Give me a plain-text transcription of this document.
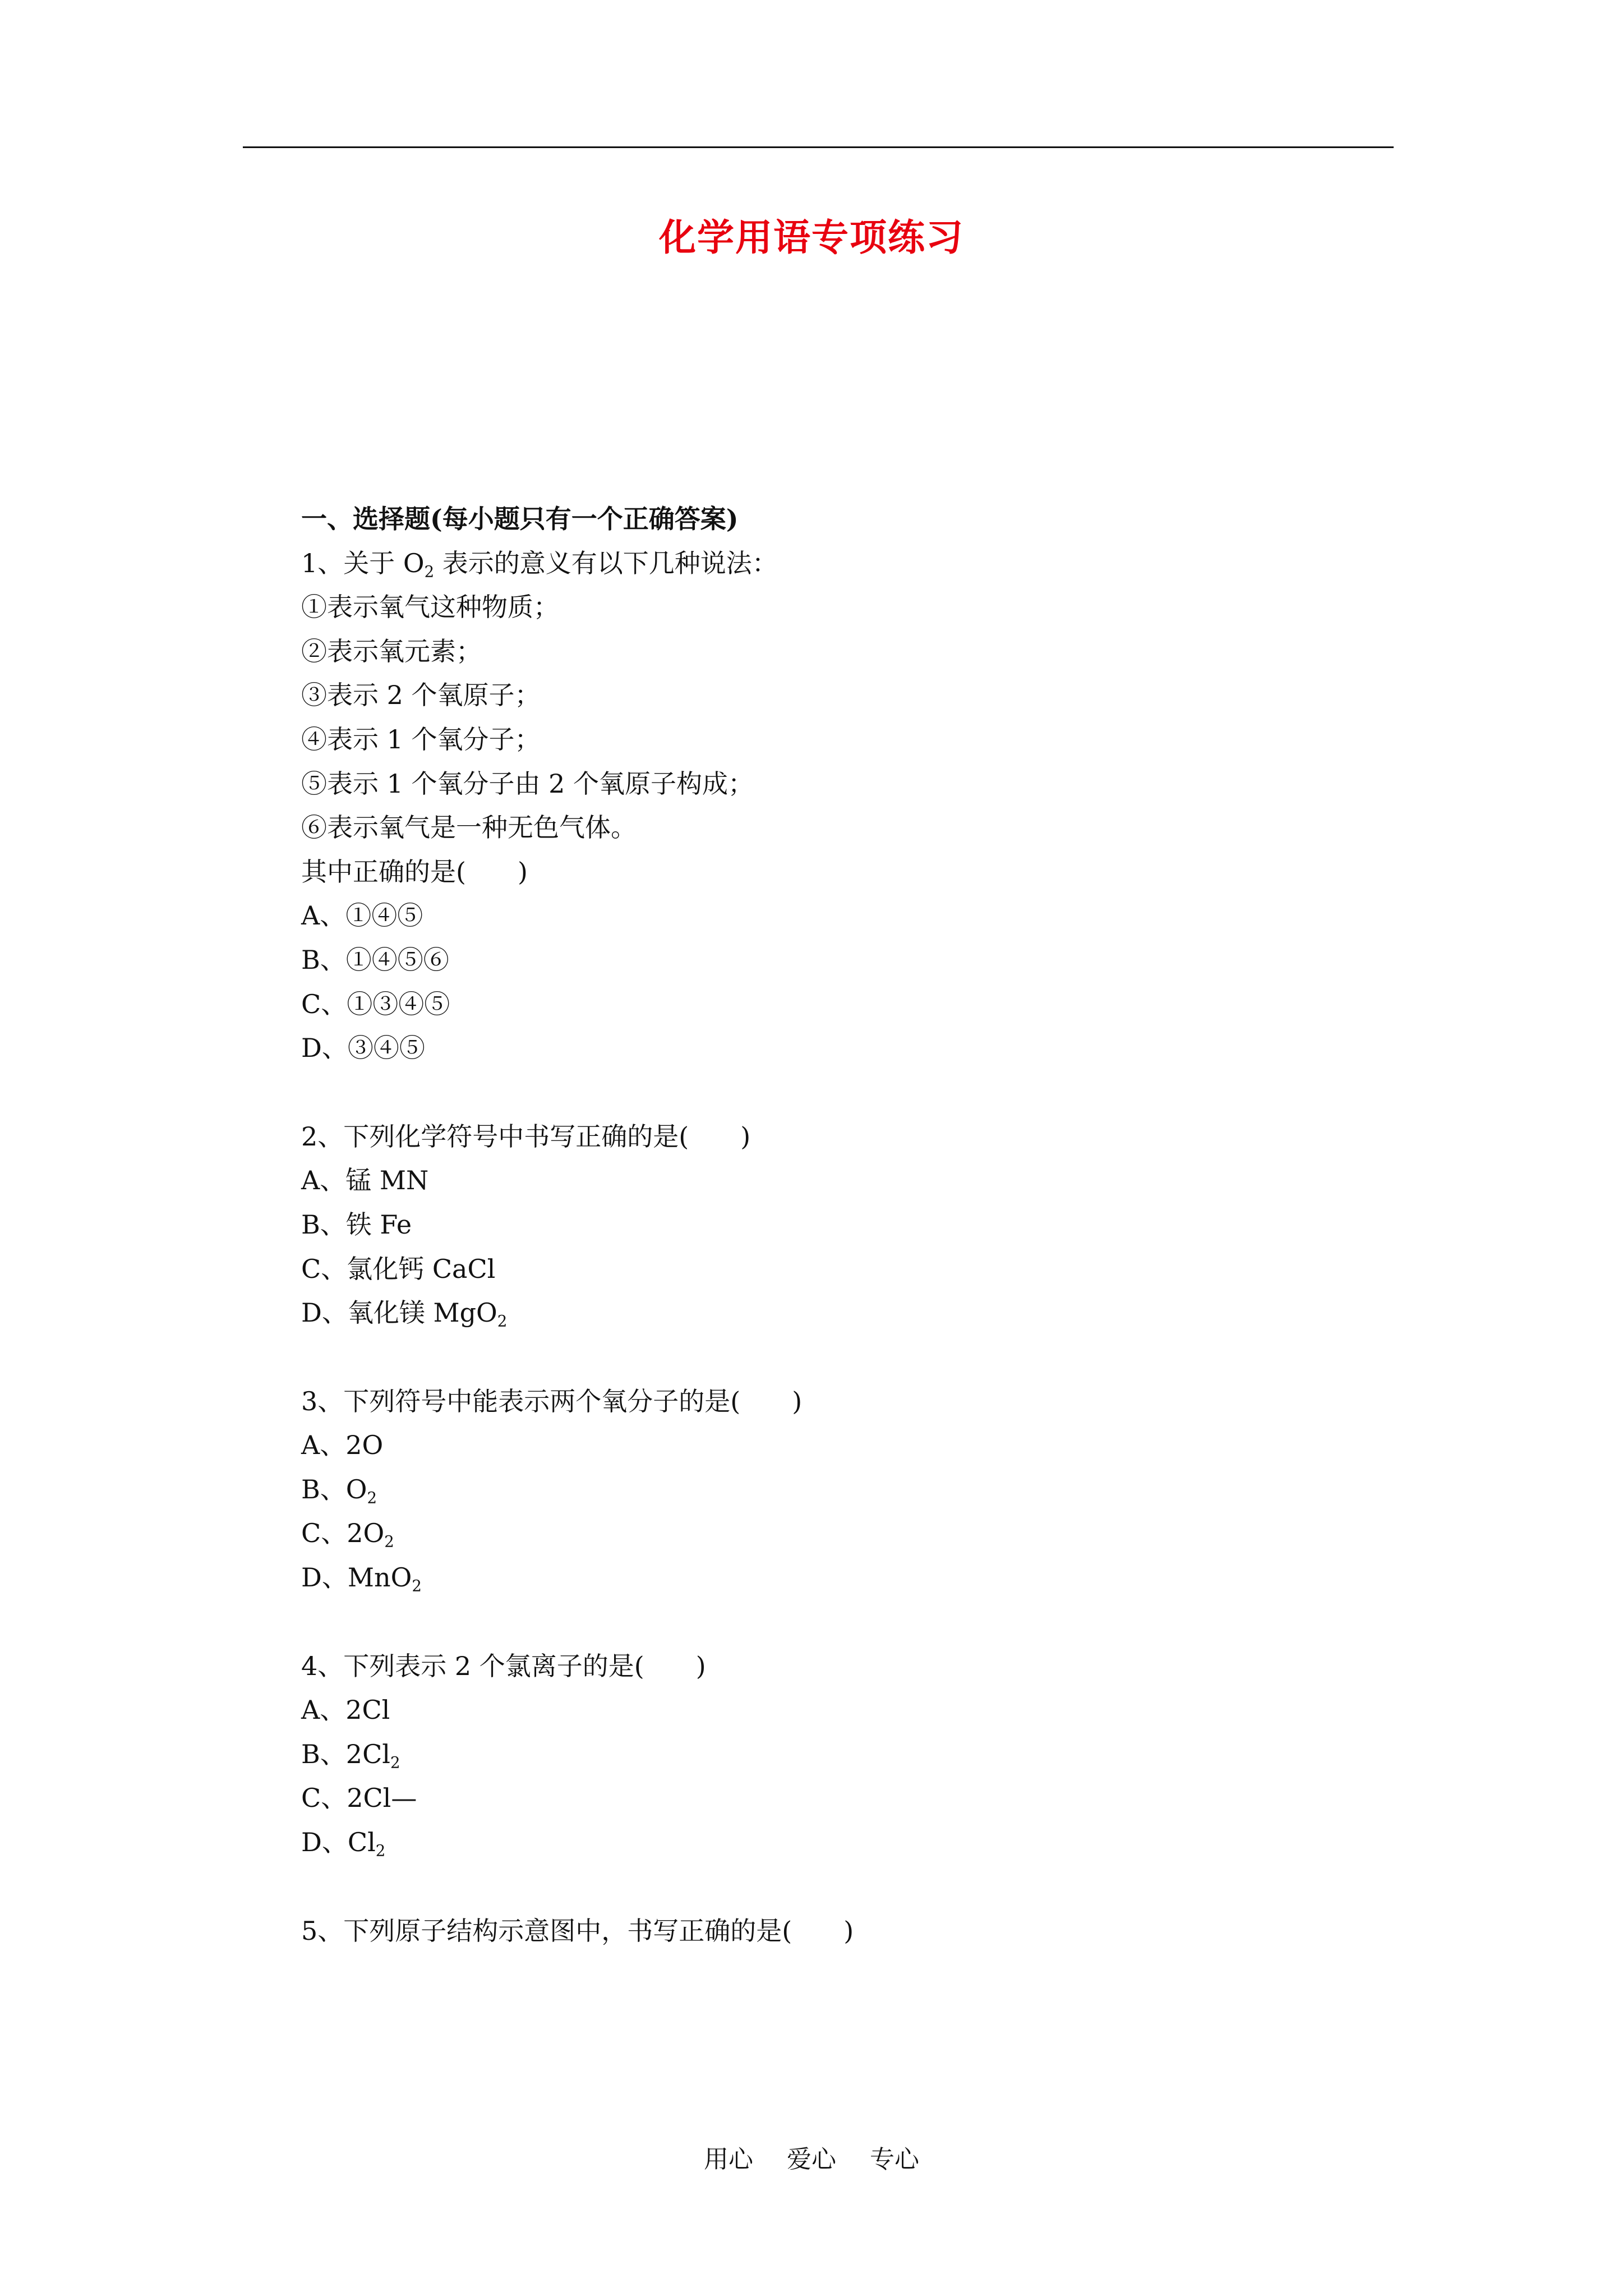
化学用语专项练习
一、选择题(每小题只有一个正确答案)
1、关于 $O_2$ 表示的意义有以下几种说法：
①表示氧气这种物质；
②表示氧元素；
③表示 2 个氧原子；
④表示 1 个氧分子；
⑤表示 1 个氧分子由 2 个氧原子构成；
⑥表示氧气是一种无色气体。
其中正确的是(　　)
A、①④⑤
B、①④⑤⑥
C、①③④⑤
D、③④⑤
2、下列化学符号中书写正确的是(　　)
A、锰 MN
B、铁 Fe
C、氯化钙 CaCl
D、氧化镁 MgO$_2$
3、下列符号中能表示两个氧分子的是(　　)
A、2O
B、$O_2$
C、$2O_2$
D、MnO$_2$
4、下列表示 2 个氯离子的是(　　)
A、2Cl
B、$2Cl_2$
C、2Cl—
D、$Cl_2$
5、下列原子结构示意图中，书写正确的是(　　)
用心 爱心 专心
